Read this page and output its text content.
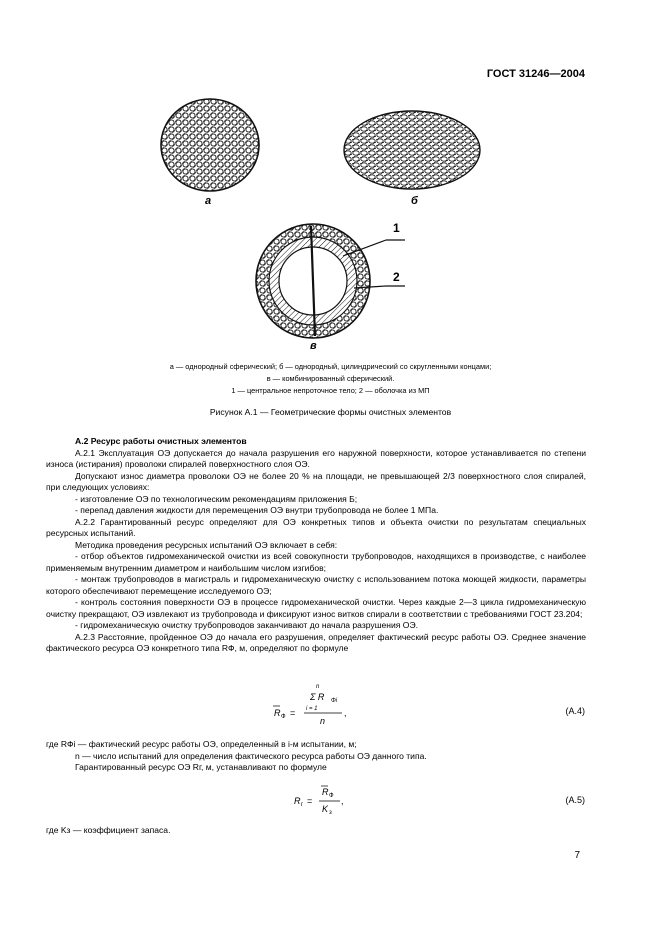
ГОСТ 31246—2004
а	б
в
1
2
а — однородный сферический; б — однородный, цилиндрический со скругленными концами;
в — комбинированный сферический.
1 — центральное непроточное тело; 2 — оболочка из МП
Рисунок А.1 — Геометрические формы очистных элементов
А.2 Ресурс работы очистных элементов

А.2.1 Эксплуатация ОЭ допускается до начала разрушения его наружной поверхности, которое устанавливается по степени износа (истирания) проволоки спиралей поверхностного слоя ОЭ.

Допускают износ диаметра проволоки ОЭ не более 20 % на площади, не превышающей 2/3 поверхностного слоя спиралей, при следующих условиях:

- изготовление ОЭ по технологическим рекомендациям приложения Б;

- перепад давления жидкости для перемещения ОЭ внутри трубопровода не более 1 МПа.

А.2.2 Гарантированный ресурс определяют для ОЭ конкретных типов и объекта очистки по результатам специальных ресурсных испытаний.

Методика проведения ресурсных испытаний ОЭ включает в себя:

- отбор объектов гидромеханической очистки из всей совокупности трубопроводов, находящихся в производстве, с наиболее применяемым внутренним диаметром и наибольшим числом изгибов;

- монтаж трубопроводов в магистраль и гидромеханическую очистку с использованием потока моющей жидкости, параметры которого обеспечивают перемещение исследуемого ОЭ;

- контроль состояния поверхности ОЭ в процессе гидромеханической очистки. Через каждые 2—3 цикла гидромеханическую очистку прекращают, ОЭ извлекают из трубопровода и фиксируют износ витков спирали в соответствии с требованиями ГОСТ 23.204;

- гидромеханическую очистку трубопроводов заканчивают до начала разрушения ОЭ.

А.2.3 Расстояние, пройденное ОЭ до начала его разрушения, определяет фактический ресурс работы ОЭ. Среднее значение фактического ресурса ОЭ конкретного типа RФ, м, определяют по формуле

n
Σ R Фi
i = 1
n
R Ф =	,	(А.4)

где RФi — фактический ресурс работы ОЭ, определенный в i-м испытании, м;

n — число испытаний для определения фактического ресурса работы ОЭ данного типа.

Гарантированный ресурс ОЭ Rг, м, устанавливают по формуле

R г =
R Ф
K з
,	(А.5)

где Kз — коэффициент запаса.

7
